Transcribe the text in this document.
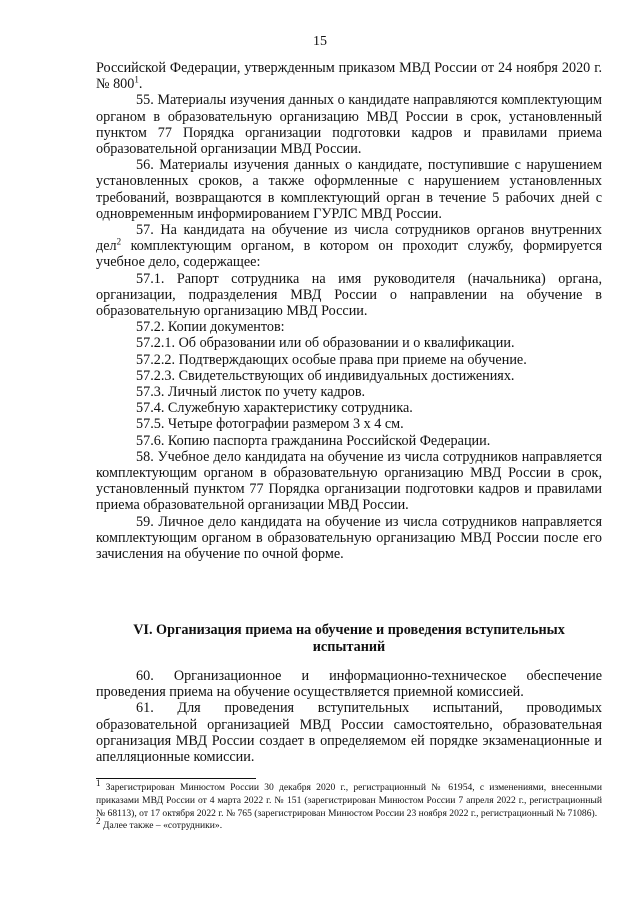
15

Российской Федерации, утвержденным приказом МВД России от 24 ноября 2020 г. № $800^1$.

55. Материалы изучения данных о кандидате направляются комплектующим органом в образовательную организацию МВД России в срок, установленный пунктом 77 Порядка организации подготовки кадров и правилами приема образовательной организации МВД России.

56. Материалы изучения данных о кандидате, поступившие с нарушением установленных сроков, а также оформленные с нарушением установленных требований, возвращаются в комплектующий орган в течение 5 рабочих дней с одновременным информированием ГУРЛС МВД России.

57. На кандидата на обучение из числа сотрудников органов внутренних дел$^2$ комплектующим органом, в котором он проходит службу, формируется учебное дело, содержащее:

57.1. Рапорт сотрудника на имя руководителя (начальника) органа, организации, подразделения МВД России о направлении на обучение в образовательную организацию МВД России.

57.2. Копии документов:

57.2.1. Об образовании или об образовании и о квалификации.

57.2.2. Подтверждающих особые права при приеме на обучение.

57.2.3. Свидетельствующих об индивидуальных достижениях.

57.3. Личный листок по учету кадров.

57.4. Служебную характеристику сотрудника.

57.5. Четыре фотографии размером 3 х 4 см.

57.6. Копию паспорта гражданина Российской Федерации.

58. Учебное дело кандидата на обучение из числа сотрудников направляется комплектующим органом в образовательную организацию МВД России в срок, установленный пунктом 77 Порядка организации подготовки кадров и правилами приема образовательной организации МВД России.

59. Личное дело кандидата на обучение из числа сотрудников направляется комплектующим органом в образовательную организацию МВД России после его зачисления на обучение по очной форме.

VI. Организация приема на обучение и проведения вступительных испытаний

60. Организационное и информационно-техническое обеспечение проведения приема на обучение осуществляется приемной комиссией.

61. Для проведения вступительных испытаний, проводимых образовательной организацией МВД России самостоятельно, образовательная организация МВД России создает в определяемом ей порядке экзаменационные и апелляционные комиссии.

$^1$ Зарегистрирован Минюстом России 30 декабря 2020 г., регистрационный № 61954, с изменениями, внесенными приказами МВД России от 4 марта 2022 г. № 151 (зарегистрирован Минюстом России 7 апреля 2022 г., регистрационный № 68113), от 17 октября 2022 г. № 765 (зарегистрирован Минюстом России 23 ноября 2022 г., регистрационный № 71086).

$^2$ Далее также – «сотрудники».
